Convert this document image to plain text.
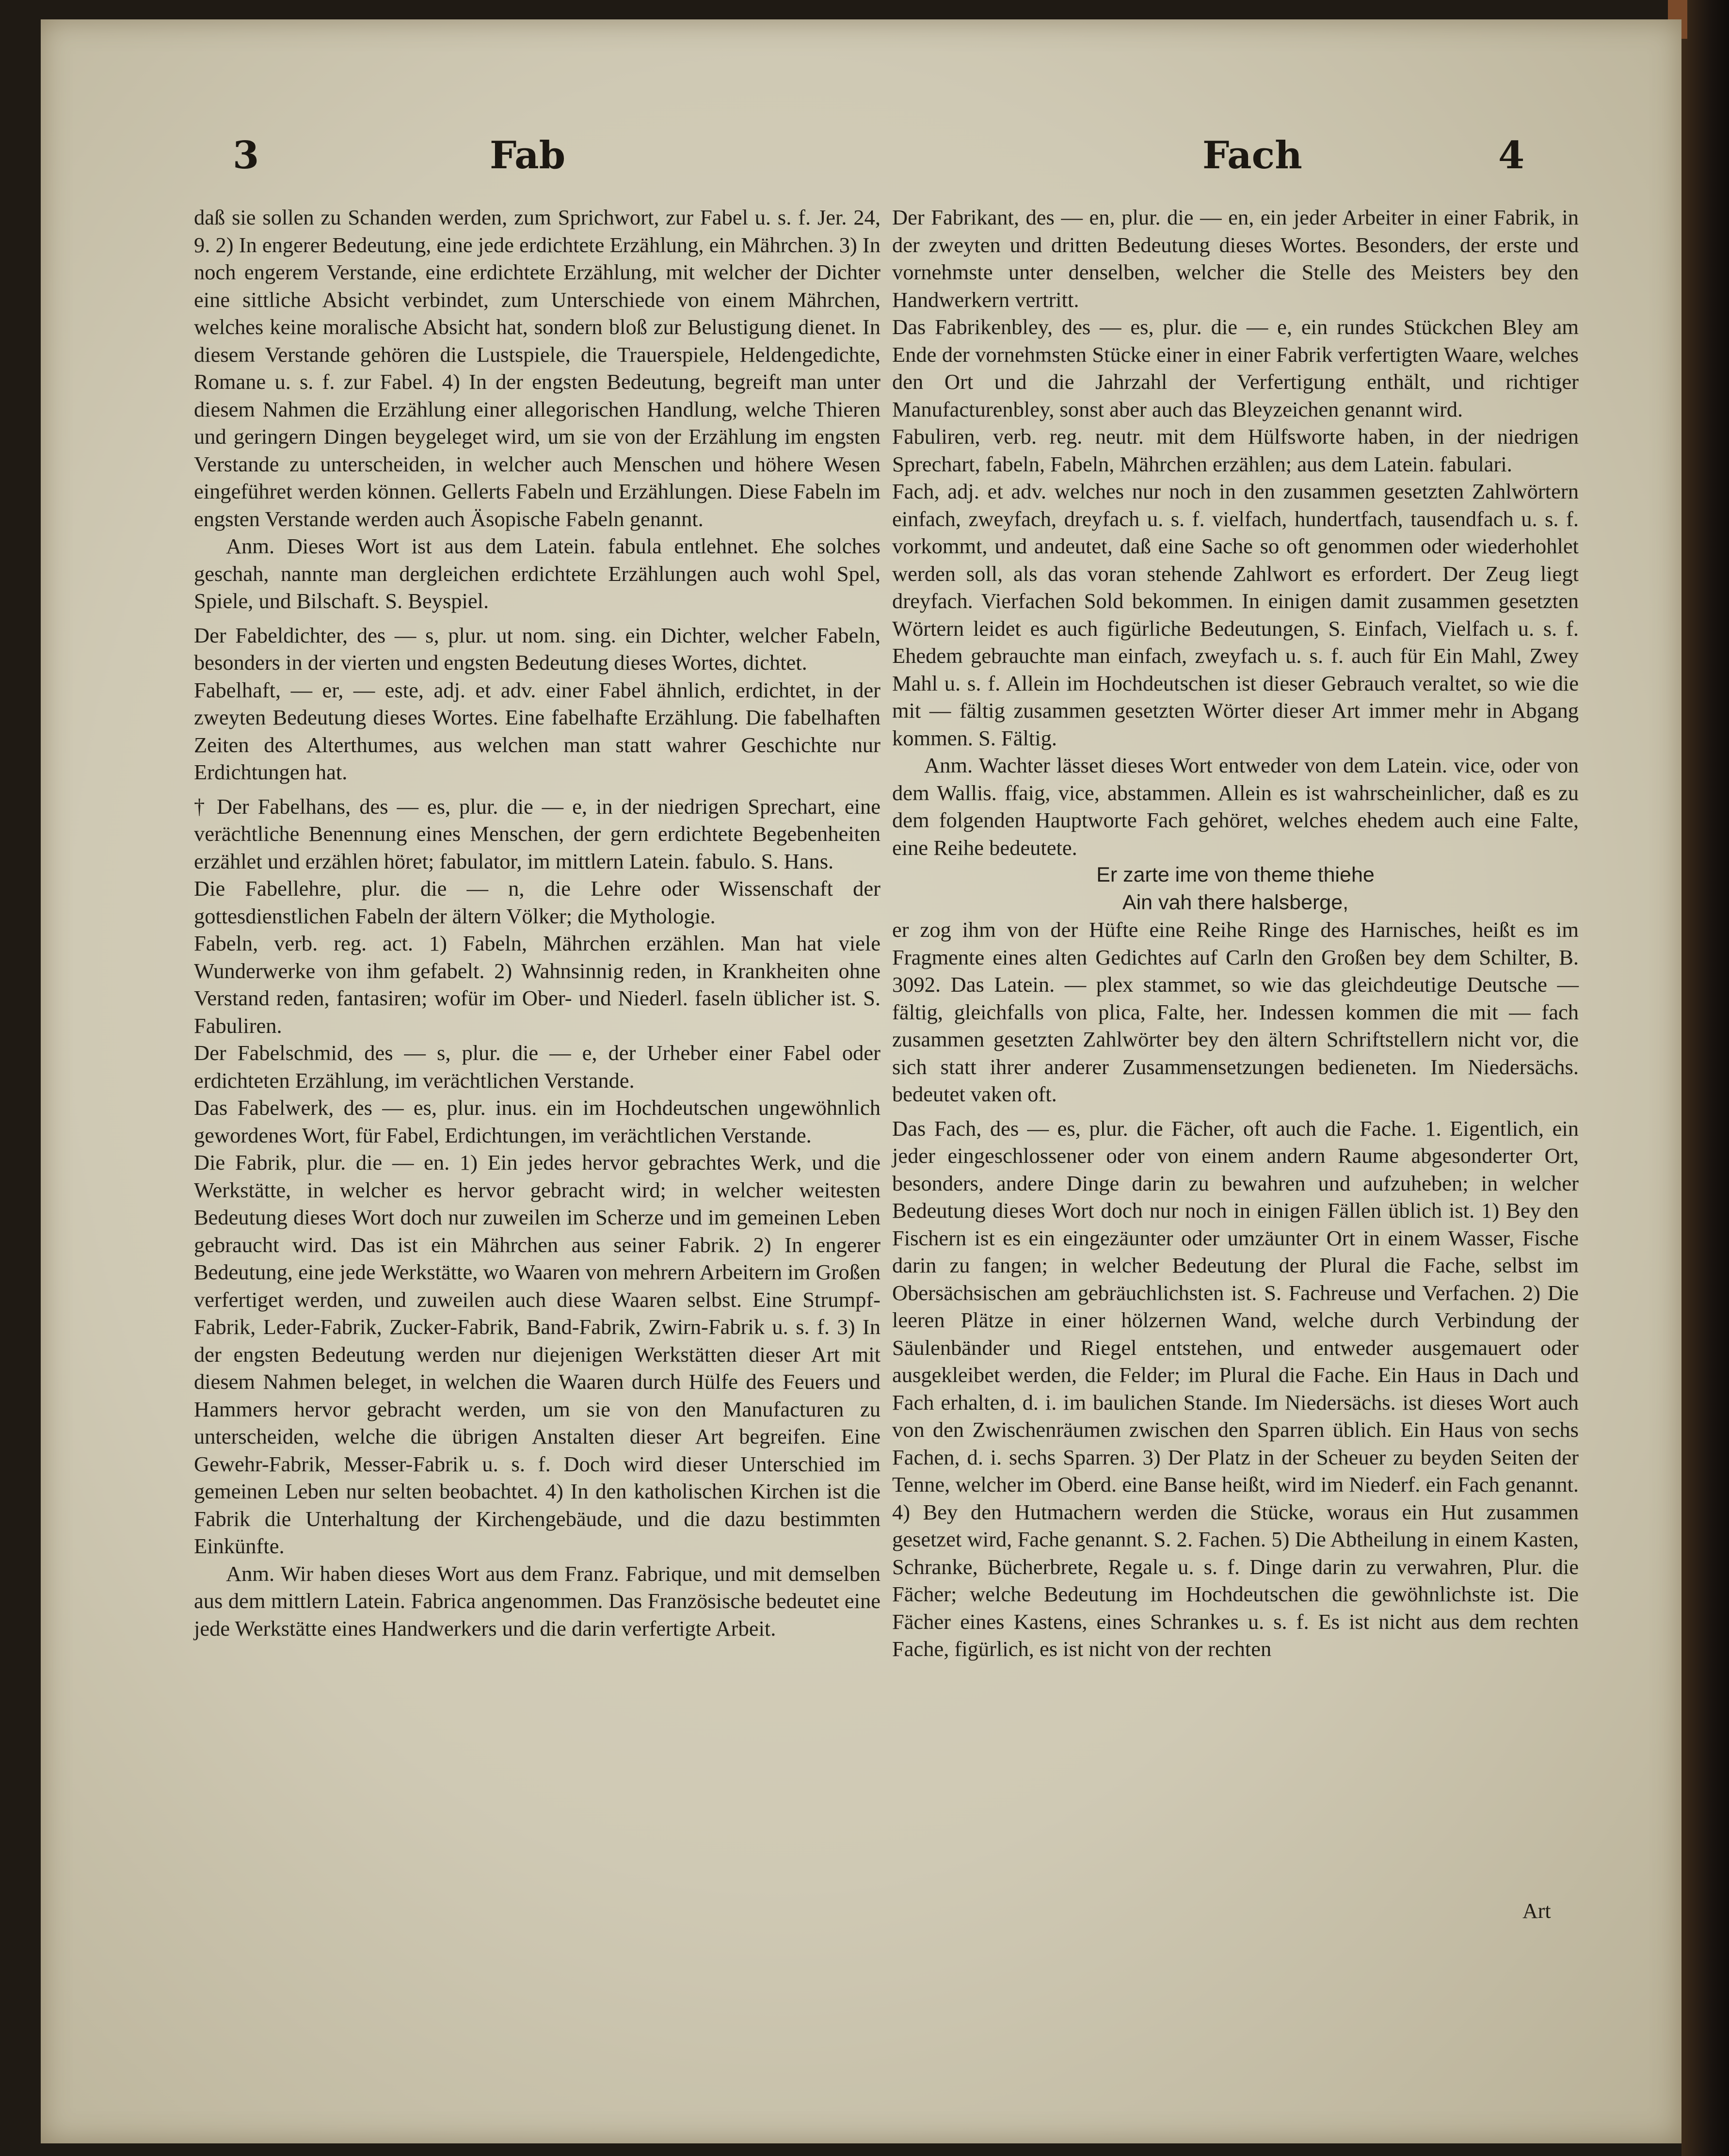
3	Fab	Fach	4

daß sie sollen zu Schanden werden, zum Sprichwort, zur Fabel u. s. f. Jer. 24, 9. 2) In engerer Bedeutung, eine jede erdichtete Erzählung, ein Mährchen. 3) In noch engerem Verstande, eine erdichtete Erzählung, mit welcher der Dichter eine sittliche Absicht verbindet, zum Unterschiede von einem Mährchen, welches keine moralische Absicht hat, sondern bloß zur Belustigung dienet. In diesem Verstande gehören die Lustspiele, die Trauerspiele, Heldengedichte, Romane u. s. f. zur Fabel. 4) In der engsten Bedeutung, begreift man unter diesem Nahmen die Erzählung einer allegorischen Handlung, welche Thieren und geringern Dingen beygeleget wird, um sie von der Erzählung im engsten Verstande zu unterscheiden, in welcher auch Menschen und höhere Wesen eingeführet werden können. Gellerts Fabeln und Erzählungen. Diese Fabeln im engsten Verstande werden auch Äsopische Fabeln genannt.

Anm. Dieses Wort ist aus dem Latein. fabula entlehnet. Ehe solches geschah, nannte man dergleichen erdichtete Erzählungen auch wohl Spel, Spiele, und Bilschaft. S. Beyspiel.

Der Fabeldichter, des — s, plur. ut nom. sing. ein Dichter, welcher Fabeln, besonders in der vierten und engsten Bedeutung dieses Wortes, dichtet.

Fabelhaft, — er, — este, adj. et adv. einer Fabel ähnlich, erdichtet, in der zweyten Bedeutung dieses Wortes. Eine fabelhafte Erzählung. Die fabelhaften Zeiten des Alterthumes, aus welchen man statt wahrer Geschichte nur Erdichtungen hat.

† Der Fabelhans, des — es, plur. die — e, in der niedrigen Sprechart, eine verächtliche Benennung eines Menschen, der gern erdichtete Begebenheiten erzählet und erzählen höret; fabulator, im mittlern Latein. fabulo. S. Hans.

Die Fabellehre, plur. die — n, die Lehre oder Wissenschaft der gottesdienstlichen Fabeln der ältern Völker; die Mythologie.

Fabeln, verb. reg. act. 1) Fabeln, Mährchen erzählen. Man hat viele Wunderwerke von ihm gefabelt. 2) Wahnsinnig reden, in Krankheiten ohne Verstand reden, fantasiren; wofür im Ober- und Niederl. faseln üblicher ist. S. Fabuliren.

Der Fabelschmid, des — s, plur. die — e, der Urheber einer Fabel oder erdichteten Erzählung, im verächtlichen Verstande.

Das Fabelwerk, des — es, plur. inus. ein im Hochdeutschen ungewöhnlich gewordenes Wort, für Fabel, Erdichtungen, im verächtlichen Verstande.

Die Fabrik, plur. die — en. 1) Ein jedes hervor gebrachtes Werk, und die Werkstätte, in welcher es hervor gebracht wird; in welcher weitesten Bedeutung dieses Wort doch nur zuweilen im Scherze und im gemeinen Leben gebraucht wird. Das ist ein Mährchen aus seiner Fabrik. 2) In engerer Bedeutung, eine jede Werkstätte, wo Waaren von mehrern Arbeitern im Großen verfertiget werden, und zuweilen auch diese Waaren selbst. Eine Strumpf-Fabrik, Leder-Fabrik, Zucker-Fabrik, Band-Fabrik, Zwirn-Fabrik u. s. f. 3) In der engsten Bedeutung werden nur diejenigen Werkstätten dieser Art mit diesem Nahmen beleget, in welchen die Waaren durch Hülfe des Feuers und Hammers hervor gebracht werden, um sie von den Manufacturen zu unterscheiden, welche die übrigen Anstalten dieser Art begreifen. Eine Gewehr-Fabrik, Messer-Fabrik u. s. f. Doch wird dieser Unterschied im gemeinen Leben nur selten beobachtet. 4) In den katholischen Kirchen ist die Fabrik die Unterhaltung der Kirchengebäude, und die dazu bestimmten Einkünfte.

Anm. Wir haben dieses Wort aus dem Franz. Fabrique, und mit demselben aus dem mittlern Latein. Fabrica angenommen. Das Französische bedeutet eine jede Werkstätte eines Handwerkers und die darin verfertigte Arbeit.

Der Fabrikant, des — en, plur. die — en, ein jeder Arbeiter in einer Fabrik, in der zweyten und dritten Bedeutung dieses Wortes. Besonders, der erste und vornehmste unter denselben, welcher die Stelle des Meisters bey den Handwerkern vertritt.

Das Fabrikenbley, des — es, plur. die — e, ein rundes Stückchen Bley am Ende der vornehmsten Stücke einer in einer Fabrik verfertigten Waare, welches den Ort und die Jahrzahl der Verfertigung enthält, und richtiger Manufacturenbley, sonst aber auch das Bleyzeichen genannt wird.

Fabuliren, verb. reg. neutr. mit dem Hülfsworte haben, in der niedrigen Sprechart, fabeln, Fabeln, Mährchen erzählen; aus dem Latein. fabulari.

Fach, adj. et adv. welches nur noch in den zusammen gesetzten Zahlwörtern einfach, zweyfach, dreyfach u. s. f. vielfach, hundertfach, tausendfach u. s. f. vorkommt, und andeutet, daß eine Sache so oft genommen oder wiederhohlet werden soll, als das voran stehende Zahlwort es erfordert. Der Zeug liegt dreyfach. Vierfachen Sold bekommen. In einigen damit zusammen gesetzten Wörtern leidet es auch figürliche Bedeutungen, S. Einfach, Vielfach u. s. f. Ehedem gebrauchte man einfach, zweyfach u. s. f. auch für Ein Mahl, Zwey Mahl u. s. f. Allein im Hochdeutschen ist dieser Gebrauch veraltet, so wie die mit — fältig zusammen gesetzten Wörter dieser Art immer mehr in Abgang kommen. S. Fältig.

Anm. Wachter lässet dieses Wort entweder von dem Latein. vice, oder von dem Wallis. ffaig, vice, abstammen. Allein es ist wahrscheinlicher, daß es zu dem folgenden Hauptworte Fach gehöret, welches ehedem auch eine Falte, eine Reihe bedeutete.

Er zarte ime von theme thiehe

Ain vah there halsberge,

er zog ihm von der Hüfte eine Reihe Ringe des Harnisches, heißt es im Fragmente eines alten Gedichtes auf Carln den Großen bey dem Schilter, B. 3092. Das Latein. — plex stammet, so wie das gleichdeutige Deutsche — fältig, gleichfalls von plica, Falte, her. Indessen kommen die mit — fach zusammen gesetzten Zahlwörter bey den ältern Schriftstellern nicht vor, die sich statt ihrer anderer Zusammensetzungen bedieneten. Im Niedersächs. bedeutet vaken oft.

Das Fach, des — es, plur. die Fächer, oft auch die Fache. 1. Eigentlich, ein jeder eingeschlossener oder von einem andern Raume abgesonderter Ort, besonders, andere Dinge darin zu bewahren und aufzuheben; in welcher Bedeutung dieses Wort doch nur noch in einigen Fällen üblich ist. 1) Bey den Fischern ist es ein eingezäunter oder umzäunter Ort in einem Wasser, Fische darin zu fangen; in welcher Bedeutung der Plural die Fache, selbst im Obersächsischen am gebräuchlichsten ist. S. Fachreuse und Verfachen. 2) Die leeren Plätze in einer hölzernen Wand, welche durch Verbindung der Säulenbänder und Riegel entstehen, und entweder ausgemauert oder ausgekleibet werden, die Felder; im Plural die Fache. Ein Haus in Dach und Fach erhalten, d. i. im baulichen Stande. Im Niedersächs. ist dieses Wort auch von den Zwischenräumen zwischen den Sparren üblich. Ein Haus von sechs Fachen, d. i. sechs Sparren. 3) Der Platz in der Scheuer zu beyden Seiten der Tenne, welcher im Oberd. eine Banse heißt, wird im Niederf. ein Fach genannt. 4) Bey den Hutmachern werden die Stücke, woraus ein Hut zusammen gesetzet wird, Fache genannt. S. 2. Fachen. 5) Die Abtheilung in einem Kasten, Schranke, Bücherbrete, Regale u. s. f. Dinge darin zu verwahren, Plur. die Fächer; welche Bedeutung im Hochdeutschen die gewöhnlichste ist. Die Fächer eines Kastens, eines Schrankes u. s. f. Es ist nicht aus dem rechten Fache, figürlich, es ist nicht von der rechten

Art
